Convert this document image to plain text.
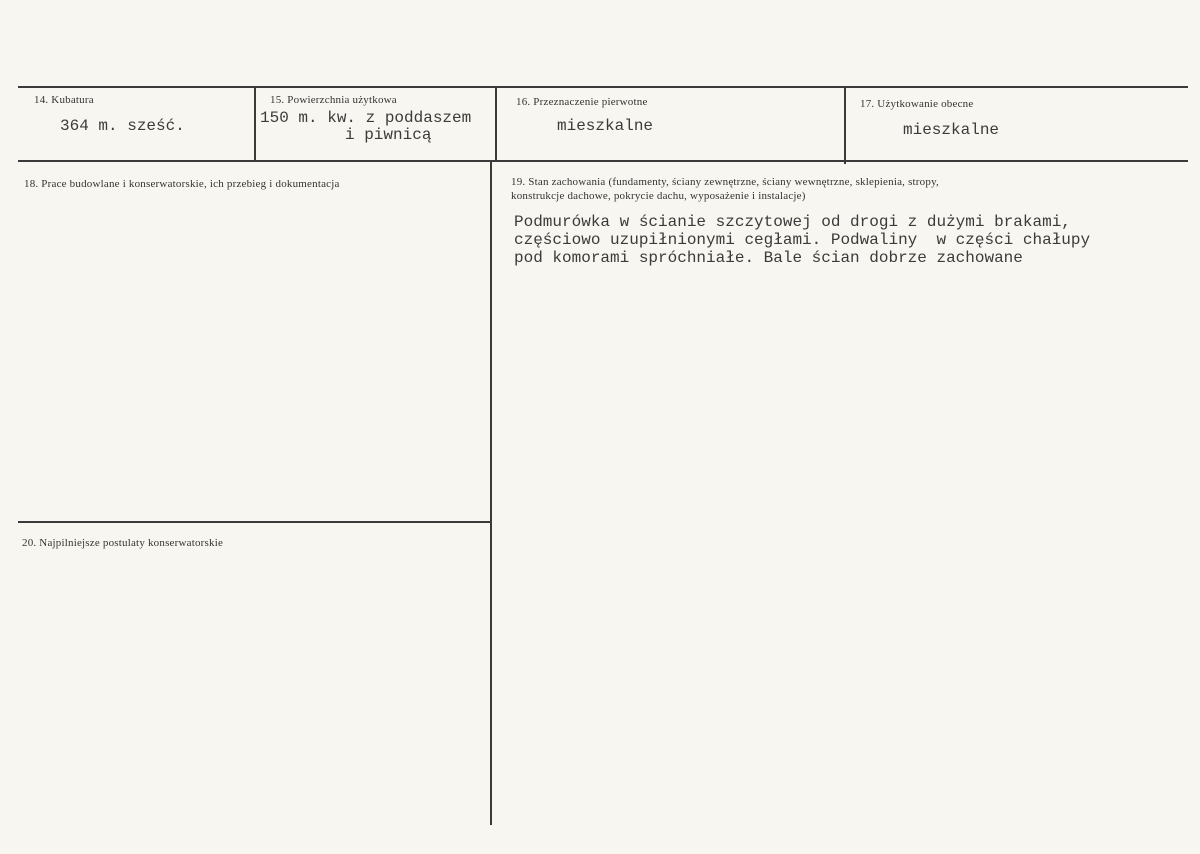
14. Kubatura
364 m. sześć.
15. Powierzchnia użytkowa
150 m. kw. z poddaszem
i piwnicą
16. Przeznaczenie pierwotne
mieszkalne
17. Użytkowanie obecne
mieszkalne
18. Prace budowlane i konserwatorskie, ich przebieg i dokumentacja	19. Stan zachowania (fundamenty, ściany zewnętrzne, ściany wewnętrzne, sklepienia, stropy,
konstrukcje dachowe, pokrycie dachu, wyposażenie i instalacje)
Podmurówka w ścianie szczytowej od drogi z dużymi brakami,
częściowo uzupiłnionymi cegłami. Podwaliny  w części chałupy
pod komorami spróchniałe. Bale ścian dobrze zachowane
20. Najpilniejsze postulaty konserwatorskie
